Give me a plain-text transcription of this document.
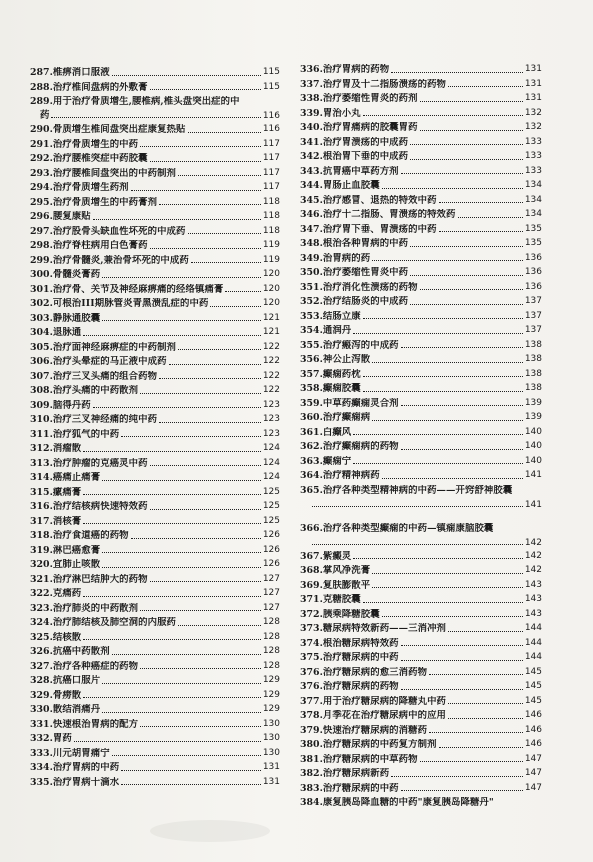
287. 椎痹消口服液	115
288. 治疗椎间盘病的外敷膏	115
289. 用于治疗骨质增生,腰椎病,椎头盘突出症的中
药	116
290. 骨质增生椎间盘突出症康复热贴	116
291. 治疗骨质增生的中药	117
292. 治疗腰椎突症中药胶囊	117
293. 治疗腰椎间盘突出的中药制剂	117
294. 治疗骨质增生药剂	117
295. 治疗骨质增生的中药膏剂	118
296. 腰复康贴	118
297. 治疗股骨头缺血性坏死的中成药	118
298. 治疗脊柱病用白色膏药	119
299. 治疗骨髓炎,兼治骨坏死的中成药	119
300. 骨髓炎膏药	120
301. 治疗骨、关节及神经麻痹痛的经络镇痛膏	120
302. 可根治III期脉管炎青黑溃乱症的中药	120
303. 静脉通胶囊	121
304. 退脉通	121
305. 治疗面神经麻痹症的中药制剂	122
306. 治疗头晕症的马正液中成药	122
307. 治疗三叉头痛的组合药物	122
308. 治疗头痛的中药散剂	122
309. 脑得丹药	123
310. 治疗三叉神经痛的纯中药	123
311. 治疗狐气的中药	123
312. 消瘤散	124
313. 治疗肿瘤的克癌灵中药	124
314. 癌痛止痛膏	124
315. 瘰痛膏	125
316. 治疗结核病快速特效药	125
317. 消核膏	125
318. 治疗食道癌的药物	126
319. 淋巴癌愈膏	126
320. 宜肺止咳散	126
321. 治疗淋巴结肿大的药物	127
322. 克痛药	127
323. 治疗肺炎的中药散剂	127
324. 治疗肺结核及肺空洞的内服药	128
325. 结核散	128
326. 抗癌中药散剂	128
327. 治疗各种癌症的药物	128
328. 抗癌口服片	129
329. 骨痨散	129
330. 散结消痛丹	129
331. 快速根治胃病的配方	130
332. 胃药	130
333. 川元胡胃痛宁	130
334. 治疗胃病的中药	131
335. 治疗胃病十滴水	131
336. 治疗胃病的药物	131
337. 治疗胃及十二指肠溃疡的药物	131
338. 治疗萎缩性胃炎的药剂	131
339. 胃治小丸	132
340. 治疗胃痛病的胶囊胃药	132
341. 治疗胃溃疡的中成药	133
342. 根治胃下垂的中成药	133
343. 抗胃癌中草药方剂	133
344. 胃肠止血胶囊	134
345. 治疗感冒、退热的特效中药	134
346. 治疗十二指肠、胃溃疡的特效药	134
347. 治疗胃下垂、胃溃疡的中药	135
348. 根治各种胃病的中药	135
349. 治胃病的药	136
350. 治疗萎缩性胃炎中药	136
351. 治疗消化性溃疡的药物	136
352. 治疗结肠炎的中成药	137
353. 结肠立康	137
354. 通润丹	137
355. 治疗瘢泻的中成药	138
356. 神公止泻散	138
357. 癫痫药枕	138
358. 癫痫胶囊	138
359. 中草药癫痫灵合剂	139
360. 治疗癫痫病	139
361. 白癫风	140
362. 治疗癫痫病的药物	140
363. 癫痫宁	140
364. 治疗精神病药	141
365. 治疗各种类型精神病的中药——开窍舒神胶囊
141
366. 治疗各种类型癫痫的中药—镇痫康脑胶囊
142
367. 紫癜灵	142
368. 掌风净洗膏	142
369. 复肤膨散平	143
371. 克糖胶囊	143
372. 胰乘降糖胶囊	143
373. 糖尿病特效新药——三消冲剂	144
374. 根治糖尿病特效药	144
375. 治疗糖尿病的中药	144
376. 治疗糖尿病的愈三消药物	145
376. 治疗糖尿病的药物	145
377. 用于治疗糖尿病的降糖丸中药	145
378. 月季花在治疗糖尿病中的应用	146
379. 快速治疗糖尿病的消糖药	146
380. 治疗糖尿病的中药复方制剂	146
381. 治疗糖尿病的中草药物	147
382. 治疗糖尿病新药	147
383. 治疗糖尿病的中药	147
384. 康复胰岛降血糖的中药"康复胰岛降糖丹"
